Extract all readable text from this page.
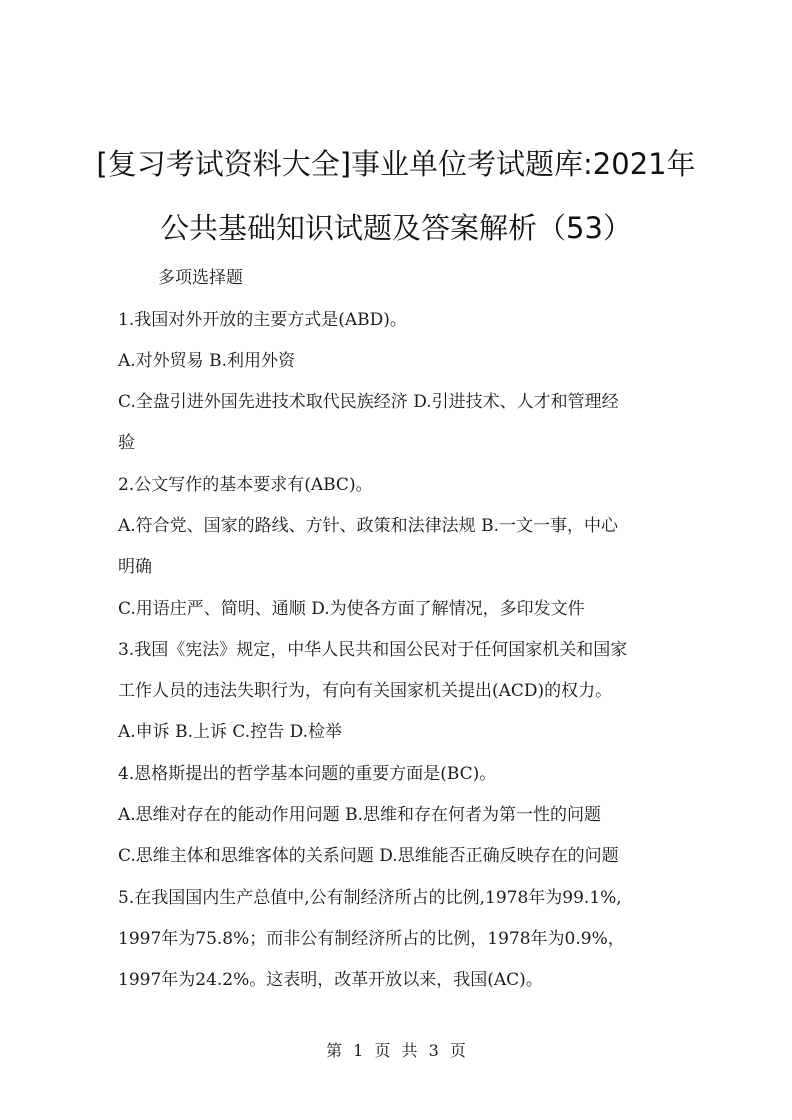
[复习考试资料大全]事业单位考试题库:2021年
公共基础知识试题及答案解析（53）
多项选择题
1.我国对外开放的主要方式是(ABD)。
A.对外贸易 B.利用外资
C.全盘引进外国先进技术取代民族经济 D.引进技术、人才和管理经
验
2.公文写作的基本要求有(ABC)。
A.符合党、国家的路线、方针、政策和法律法规 B.一文一事，中心
明确
C.用语庄严、简明、通顺 D.为使各方面了解情况，多印发文件
3.我国《宪法》规定，中华人民共和国公民对于任何国家机关和国家
工作人员的违法失职行为，有向有关国家机关提出(ACD)的权力。
A.申诉 B.上诉 C.控告 D.检举
4.恩格斯提出的哲学基本问题的重要方面是(BC)。
A.思维对存在的能动作用问题 B.思维和存在何者为第一性的问题
C.思维主体和思维客体的关系问题 D.思维能否正确反映存在的问题
5.在我国国内生产总值中,公有制经济所占的比例,1978年为99.1%,
1997年为75.8%；而非公有制经济所占的比例，1978年为0.9%，
1997年为24.2%。这表明，改革开放以来，我国(AC)。
第 1 页 共 3 页
